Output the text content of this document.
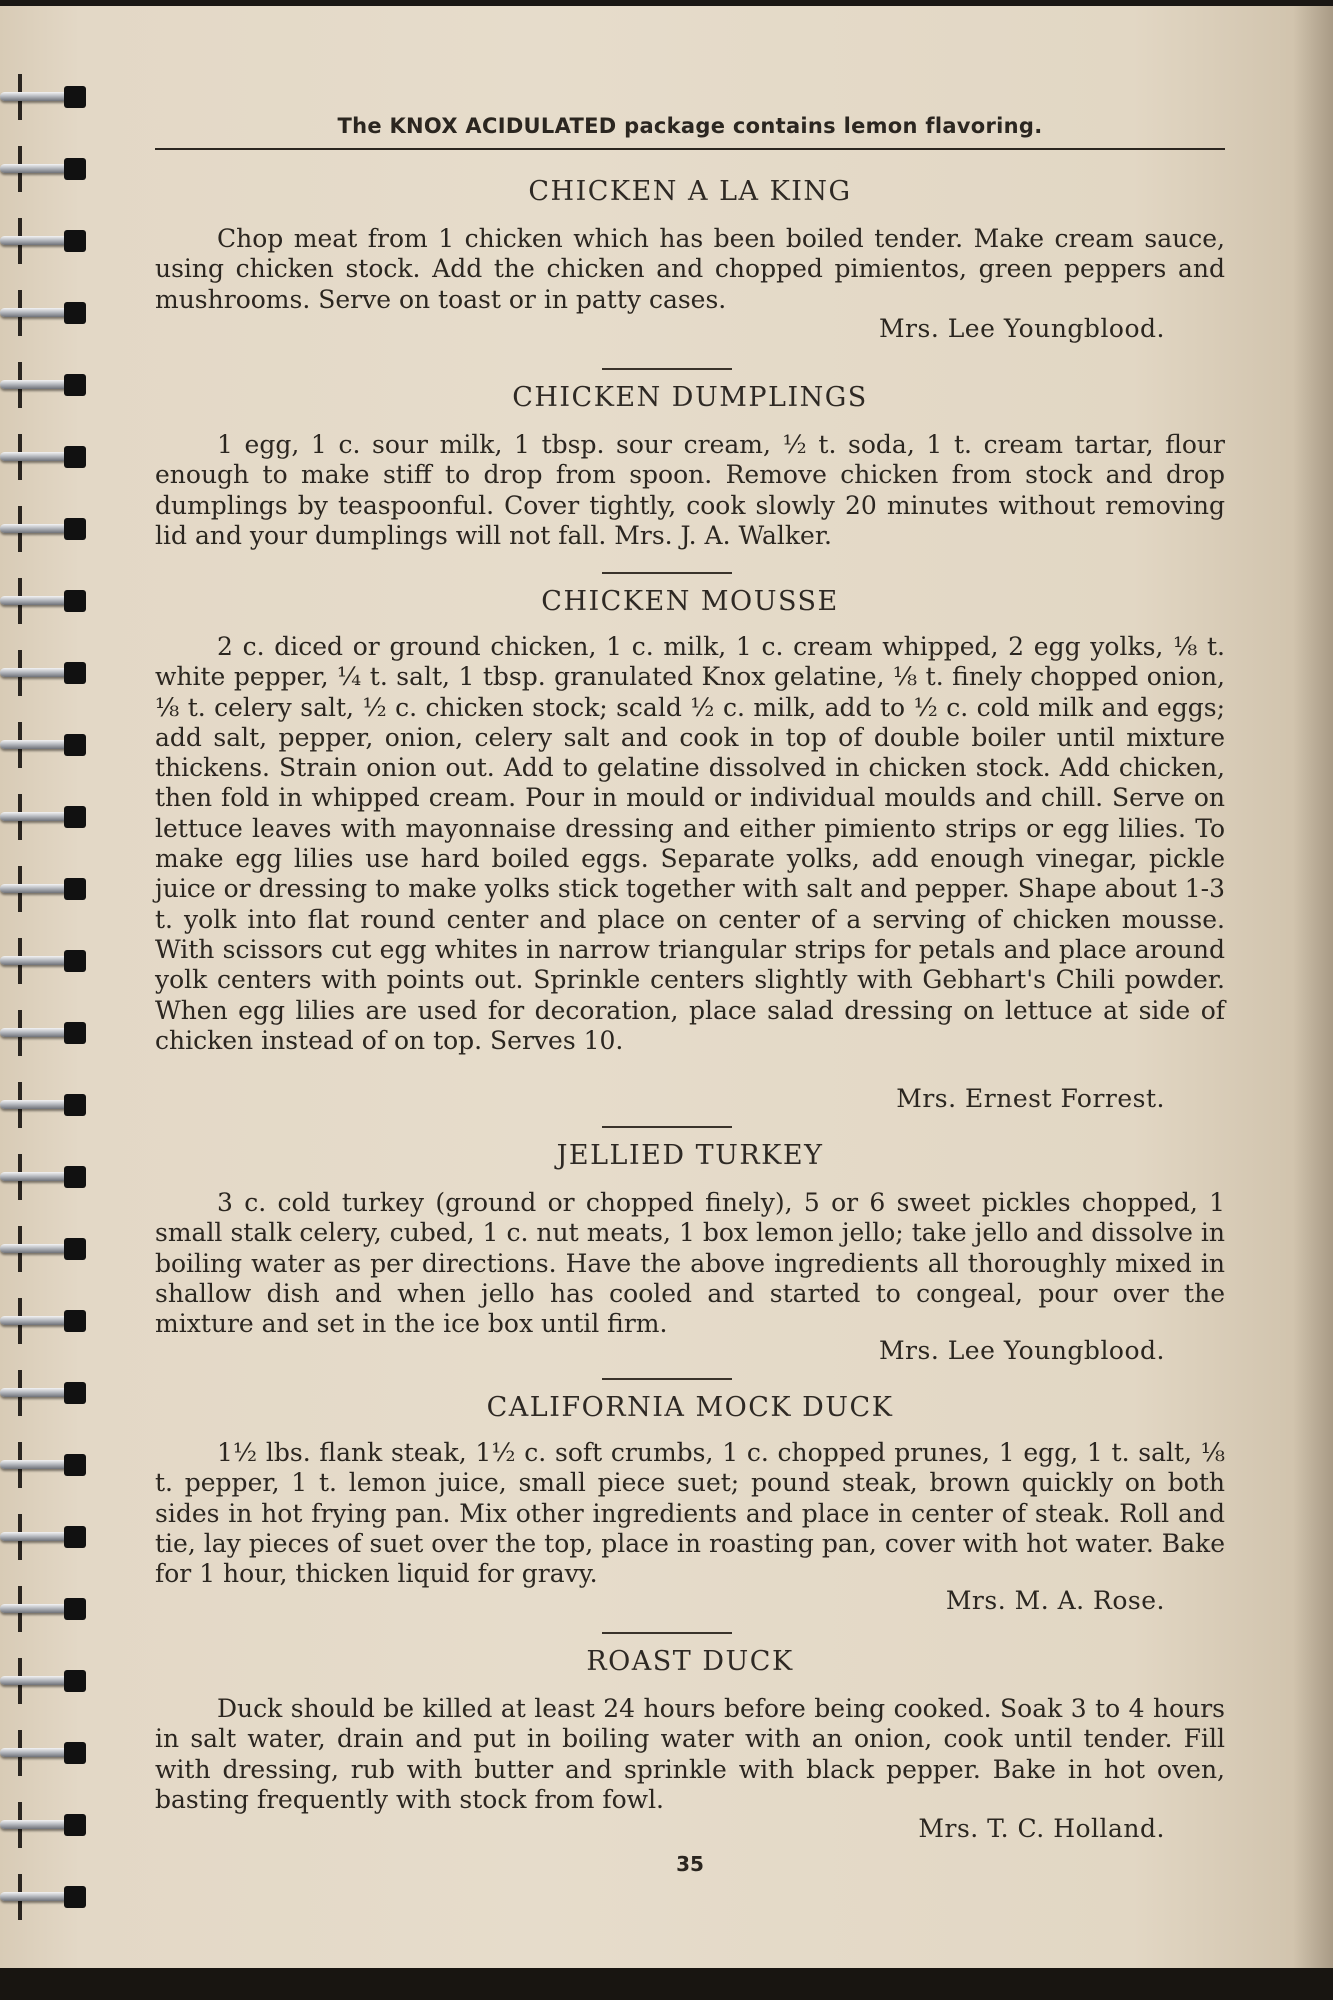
The KNOX ACIDULATED package contains lemon flavoring.
CHICKEN A LA KING
Chop meat from 1 chicken which has been boiled tender. Make cream sauce, using chicken stock. Add the chicken and chopped pimientos, green peppers and mushrooms. Serve on toast or in patty cases.
Mrs. Lee Youngblood.
CHICKEN DUMPLINGS
1 egg, 1 c. sour milk, 1 tbsp. sour cream, ½ t. soda, 1 t. cream tartar, flour enough to make stiff to drop from spoon. Remove chicken from stock and drop dumplings by teaspoonful. Cover tightly, cook slowly 20 minutes without removing lid and your dumplings will not fall. Mrs. J. A. Walker.
CHICKEN MOUSSE
2 c. diced or ground chicken, 1 c. milk, 1 c. cream whipped, 2 egg yolks, ⅛ t. white pepper, ¼ t. salt, 1 tbsp. granulated Knox gelatine, ⅛ t. finely chopped onion, ⅛ t. celery salt, ½ c. chicken stock; scald ½ c. milk, add to ½ c. cold milk and eggs; add salt, pepper, onion, celery salt and cook in top of double boiler until mixture thickens. Strain onion out. Add to gelatine dissolved in chicken stock. Add chicken, then fold in whipped cream. Pour in mould or individual moulds and chill. Serve on lettuce leaves with mayonnaise dressing and either pimiento strips or egg lilies. To make egg lilies use hard boiled eggs. Separate yolks, add enough vinegar, pickle juice or dressing to make yolks stick together with salt and pepper. Shape about 1-3 t. yolk into flat round center and place on center of a serving of chicken mousse. With scissors cut egg whites in narrow triangular strips for petals and place around yolk centers with points out. Sprinkle centers slightly with Gebhart's Chili powder. When egg lilies are used for decoration, place salad dressing on lettuce at side of chicken instead of on top. Serves 10.
Mrs. Ernest Forrest.
JELLIED TURKEY
3 c. cold turkey (ground or chopped finely), 5 or 6 sweet pickles chopped, 1 small stalk celery, cubed, 1 c. nut meats, 1 box lemon jello; take jello and dissolve in boiling water as per directions. Have the above ingredients all thoroughly mixed in shallow dish and when jello has cooled and started to congeal, pour over the mixture and set in the ice box until firm.
Mrs. Lee Youngblood.
CALIFORNIA MOCK DUCK
1½ lbs. flank steak, 1½ c. soft crumbs, 1 c. chopped prunes, 1 egg, 1 t. salt, ⅛ t. pepper, 1 t. lemon juice, small piece suet; pound steak, brown quickly on both sides in hot frying pan. Mix other ingredients and place in center of steak. Roll and tie, lay pieces of suet over the top, place in roasting pan, cover with hot water. Bake for 1 hour, thicken liquid for gravy.
Mrs. M. A. Rose.
ROAST DUCK
Duck should be killed at least 24 hours before being cooked. Soak 3 to 4 hours in salt water, drain and put in boiling water with an onion, cook until tender. Fill with dressing, rub with butter and sprinkle with black pepper. Bake in hot oven, basting frequently with stock from fowl.
Mrs. T. C. Holland.
35
